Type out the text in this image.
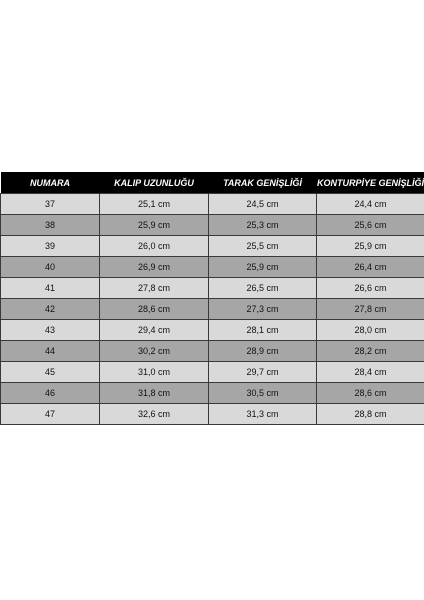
NUMARA	KALIP UZUNLUĞU	TARAK GENİŞLİĞİ	KONTURPİYE GENİŞLİĞİ
37	25,1 cm	24,5 cm	24,4 cm
38	25,9 cm	25,3 cm	25,6 cm
39	26,0 cm	25,5 cm	25,9 cm
40	26,9 cm	25,9 cm	26,4 cm
41	27,8 cm	26,5 cm	26,6 cm
42	28,6 cm	27,3 cm	27,8 cm
43	29,4 cm	28,1 cm	28,0 cm
44	30,2 cm	28,9 cm	28,2 cm
45	31,0 cm	29,7 cm	28,4 cm
46	31,8 cm	30,5 cm	28,6 cm
47	32,6 cm	31,3 cm	28,8 cm
